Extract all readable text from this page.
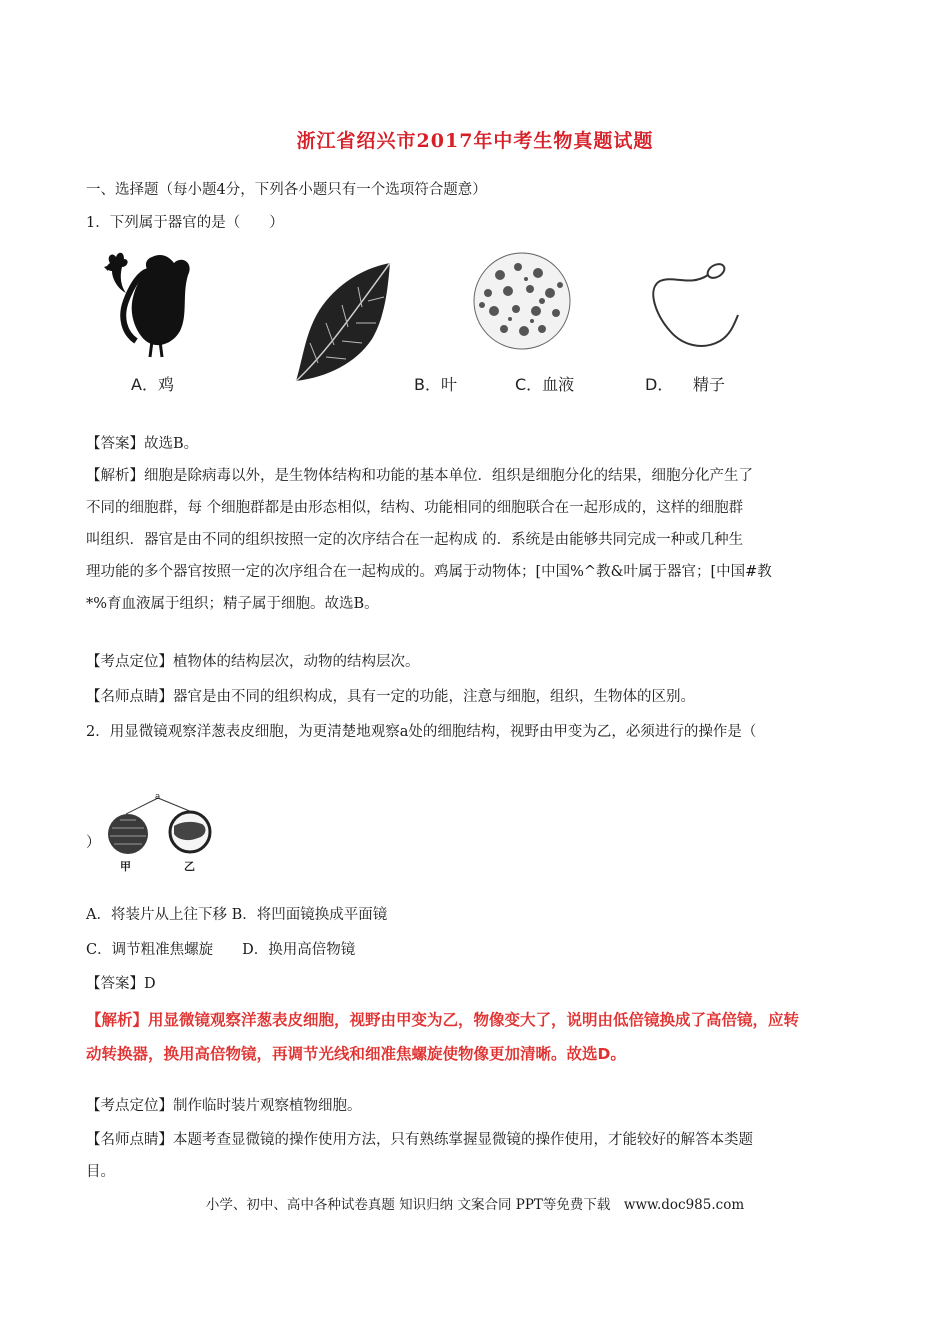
浙江省绍兴市2017年中考生物真题试题
一、选择题（每小题4分，下列各小题只有一个选项符合题意）
1．下列属于器官的是（　　）
A．鸡	B．叶	C．血液	D． 精子
【答案】故选B。
【解析】细胞是除病毒以外，是生物体结构和功能的基本单位．组织是细胞分化的结果，细胞分化产生了
不同的细胞群，每 个细胞群都是由形态相似，结构、功能相同的细胞联合在一起形成的，这样的细胞群
叫组织．器官是由不同的组织按照一定的次序结合在一起构成 的．系统是由能够共同完成一种或几种生
理功能的多个器官按照一定的次序组合在一起构成的。鸡属于动物体；[中国%^教&叶属于器官；[中国#教
*%育血液属于组织；精子属于细胞。故选B。
【考点定位】植物体的结构层次，动物的结构层次。
【名师点睛】器官是由不同的组织构成，具有一定的功能，注意与细胞，组织，生物体的区别。
2．用显微镜观察洋葱表皮细胞，为更清楚地观察a处的细胞结构，视野由甲变为乙，必须进行的操作是（
a
甲	乙
）
A．将装片从上往下移 B．将凹面镜换成平面镜
C．调节粗准焦螺旋　　D．换用高倍物镜
【答案】D
【解析】用显微镜观察洋葱表皮细胞，视野由甲变为乙，物像变大了，说明由低倍镜换成了高倍镜，应转
动转换器，换用高倍物镜，再调节光线和细准焦螺旋使物像更加清晰。故选D。
【考点定位】制作临时装片观察植物细胞。
【名师点睛】本题考查显微镜的操作使用方法，只有熟练掌握显微镜的操作使用，才能较好的解答本类题
目。
小学、初中、高中各种试卷真题 知识归纳 文案合同 PPT等免费下载　www.doc985.com
